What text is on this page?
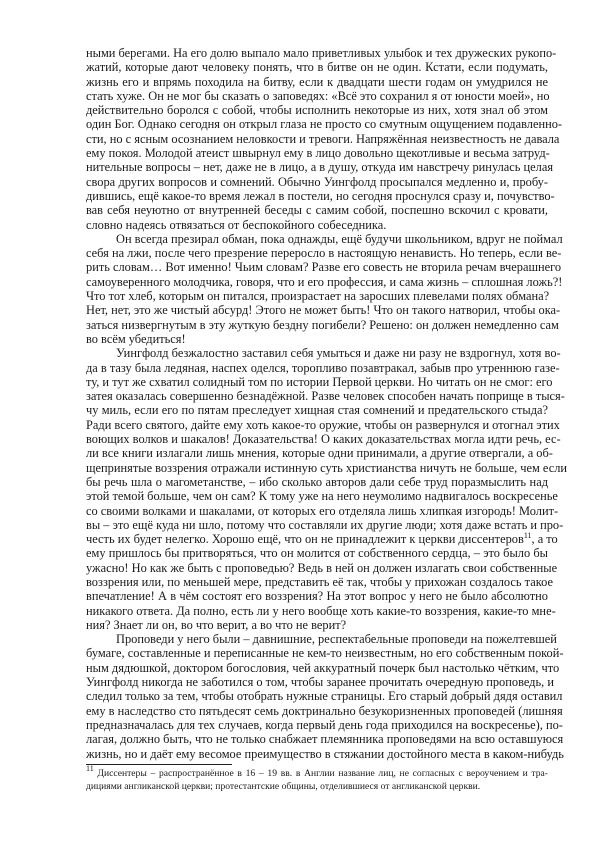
ными берегами. На его долю выпало мало приветливых улыбок и тех дружеских рукопо-
жатий, которые дают человеку понять, что в битве он не один. Кстати, если подумать,
жизнь его и впрямь походила на битву, если к двадцати шести годам он умудрился не
стать хуже. Он не мог бы сказать о заповедях: «Всё это сохранил я от юности моей», но
действительно боролся с собой, чтобы исполнить некоторые из них, хотя знал об этом
один Бог. Однако сегодня он открыл глаза не просто со смутным ощущением подавленно-
сти, но с ясным осознанием неловкости и тревоги. Напряжённая неизвестность не давала
ему покоя. Молодой атеист швырнул ему в лицо довольно щекотливые и весьма затруд-
нительные вопросы – нет, даже не в лицо, а в душу, откуда им навстречу ринулась целая
свора других вопросов и сомнений. Обычно Уингфолд просыпался медленно и, пробу-
дившись, ещё какое-то время лежал в постели, но сегодня проснулся сразу и, почувство-
вав себя неуютно от внутренней беседы с самим собой, поспешно вскочил с кровати,
словно надеясь отвязаться от беспокойного собеседника.
Он всегда презирал обман, пока однажды, ещё будучи школьником, вдруг не поймал
себя на лжи, после чего презрение переросло в настоящую ненависть. Но теперь, если ве-
рить словам… Вот именно! Чьим словам? Разве его совесть не вторила речам вчерашнего
самоуверенного молодчика, говоря, что и его профессия, и сама жизнь – сплошная ложь?!
Что тот хлеб, которым он питался, произрастает на заросших плевелами полях обмана?
Нет, нет, это же чистый абсурд! Этого не может быть! Что он такого натворил, чтобы ока-
заться низвергнутым в эту жуткую бездну погибели? Решено: он должен немедленно сам
во всём убедиться!
Уингфолд безжалостно заставил себя умыться и даже ни разу не вздрогнул, хотя во-
да в тазу была ледяная, наспех оделся, торопливо позавтракал, забыв про утреннюю газе-
ту, и тут же схватил солидный том по истории Первой церкви. Но читать он не смог: его
затея оказалась совершенно безнадёжной. Разве человек способен начать поприще в тыся-
чу миль, если его по пятам преследует хищная стая сомнений и предательского стыда?
Ради всего святого, дайте ему хоть какое-то оружие, чтобы он развернулся и отогнал этих
воющих волков и шакалов! Доказательства! О каких доказательствах могла идти речь, ес-
ли все книги излагали лишь мнения, которые одни принимали, а другие отвергали, а об-
щепринятые воззрения отражали истинную суть христианства ничуть не больше, чем если
бы речь шла о магометанстве, – ибо сколько авторов дали себе труд поразмыслить над
этой темой больше, чем он сам? К тому уже на него неумолимо надвигалось воскресенье
со своими волками и шакалами, от которых его отделяла лишь хлипкая изгородь! Молит-
вы – это ещё куда ни шло, потому что составляли их другие люди; хотя даже встать и про-
честь их будет нелегко. Хорошо ещё, что он не принадлежит к церкви диссентеров$^{11}$, а то
ему пришлось бы притворяться, что он молится от собственного сердца, – это было бы
ужасно! Но как же быть с проповедью? Ведь в ней он должен излагать свои собственные
воззрения или, по меньшей мере, представить её так, чтобы у прихожан создалось такое
впечатление! А в чём состоят его воззрения? На этот вопрос у него не было абсолютно
никакого ответа. Да полно, есть ли у него вообще хоть какие-то воззрения, какие-то мне-
ния? Знает ли он, во что верит, а во что не верит?
Проповеди у него были – давнишние, респектабельные проповеди на пожелтевшей
бумаге, составленные и переписанные не кем-то неизвестным, но его собственным покой-
ным дядюшкой, доктором богословия, чей аккуратный почерк был настолько чётким, что
Уингфолд никогда не заботился о том, чтобы заранее прочитать очередную проповедь, и
следил только за тем, чтобы отобрать нужные страницы. Его старый добрый дядя оставил
ему в наследство сто пятьдесят семь доктринально безукоризненных проповедей (лишняя
предназначалась для тех случаев, когда первый день года приходился на воскресенье), по-
лагая, должно быть, что не только снабжает племянника проповедями на всю оставшуюся
жизнь, но и даёт ему весомое преимущество в стяжании достойного места в каком-нибудь
$^{11}$ Диссентеры – распространённое в 16 – 19 вв. в Англии название лиц, не согласных с вероучением и тра-
дициями англиканской церкви; протестантские общины, отделившиеся от англиканской церкви.
